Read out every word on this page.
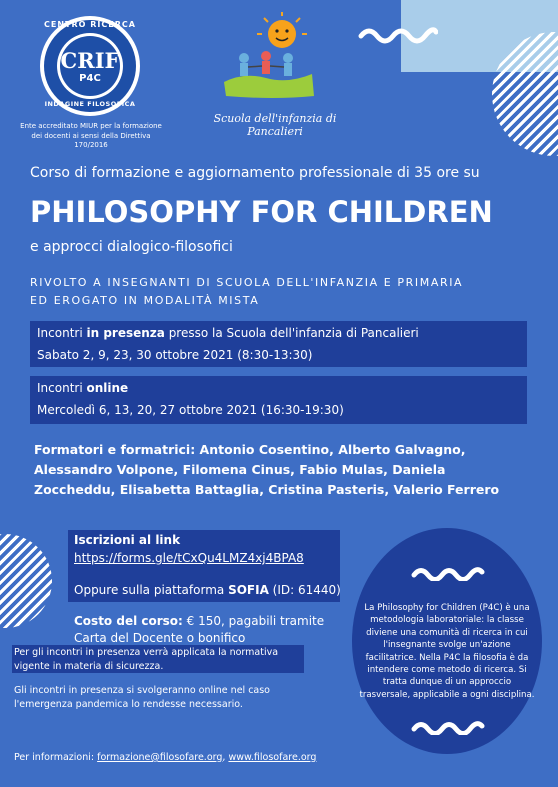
CENTRO RICERCA
CRIF
P4C
INDAGINE FILOSOFICA
Ente accreditato MIUR per la formazione dei docenti ai sensi della Direttiva 170/2016
Scuola dell'infanzia di Pancalieri
Corso di formazione e aggiornamento professionale di 35 ore su
PHILOSOPHY FOR CHILDREN
e approcci dialogico-filosofici
RIVOLTO A INSEGNANTI DI SCUOLA DELL'INFANZIA E PRIMARIA
ED EROGATO IN MODALITÀ MISTA
Incontri in presenza presso la Scuola dell'infanzia di Pancalieri
Sabato 2, 9, 23, 30 ottobre 2021 (8:30-13:30)
Incontri online
Mercoledì 6, 13, 20, 27 ottobre 2021 (16:30-19:30)
Formatori e formatrici: Antonio Cosentino, Alberto Galvagno, Alessandro Volpone, Filomena Cinus, Fabio Mulas, Daniela Zoccheddu, Elisabetta Battaglia, Cristina Pasteris, Valerio Ferrero
Iscrizioni al link
https://forms.gle/tCxQu4LMZ4xj4BPA8
Oppure sulla piattaforma SOFIA (ID: 61440)
Costo del corso: € 150, pagabili tramite
Carta del Docente o bonifico
Per gli incontri in presenza verrà applicata la normativa vigente in materia di sicurezza.
Gli incontri in presenza si svolgeranno online nel caso l'emergenza pandemica lo rendesse necessario.
Per informazioni: formazione@filosofare.org, www.filosofare.org
La Philosophy for Children (P4C) è una metodologia laboratoriale: la classe diviene una comunità di ricerca in cui l'insegnante svolge un'azione facilitatrice. Nella P4C la filosofia è da intendere come metodo di ricerca. Si tratta dunque di un approccio trasversale, applicabile a ogni disciplina.
